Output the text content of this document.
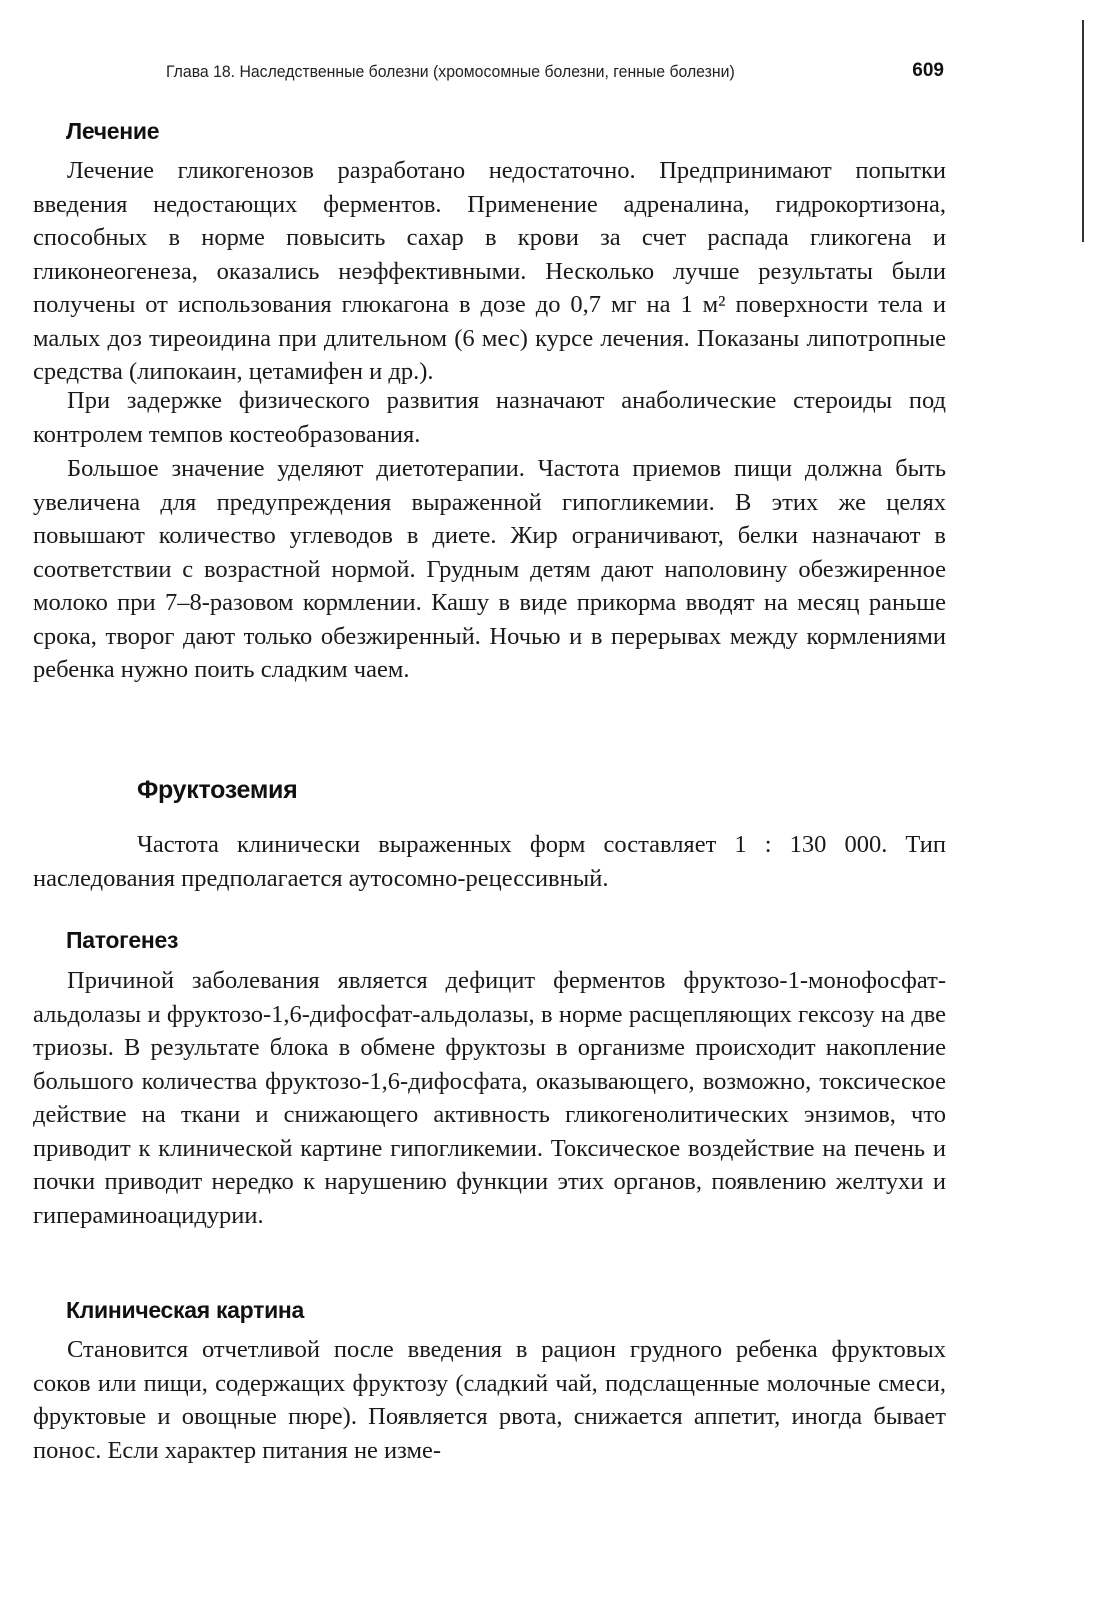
Глава 18. Наследственные болезни (хромосомные болезни, генные болезни)	609
Лечение

Лечение гликогенозов разработано недостаточно. Предпринимают попытки введения недостающих ферментов. Применение адреналина, гидрокортизона, способных в норме повысить сахар в крови за счет распада гликогена и гликонеогенеза, оказались неэффективными. Несколько лучше результаты были получены от использования глюкагона в дозе до 0,7 мг на 1 м² поверхности тела и малых доз тиреоидина при длительном (6 мес) курсе лечения. Показаны липотропные средства (липокаин, цетамифен и др.).

При задержке физического развития назначают анаболические стероиды под контролем темпов костеобразования.

Большое значение уделяют диетотерапии. Частота приемов пищи должна быть увеличена для предупреждения выраженной гипогликемии. В этих же целях повышают количество углеводов в диете. Жир ограничивают, белки назначают в соответствии с возрастной нормой. Грудным детям дают наполовину обезжиренное молоко при 7–8-разовом кормлении. Кашу в виде прикорма вводят на месяц раньше срока, творог дают только обезжиренный. Ночью и в перерывах между кормлениями ребенка нужно поить сладким чаем.

Фруктоземия

Частота клинически выраженных форм составляет 1 : 130 000. Тип наследования предполагается аутосомно-рецессивный.

Патогенез

Причиной заболевания является дефицит ферментов фруктозо-1-монофосфат-альдолазы и фруктозо-1,6-дифосфат-альдолазы, в норме расщепляющих гексозу на две триозы. В результате блока в обмене фруктозы в организме происходит накопление большого количества фруктозо-1,6-дифосфата, оказывающего, возможно, токсическое действие на ткани и снижающего активность гликогенолитических энзимов, что приводит к клинической картине гипогликемии. Токсическое воздействие на печень и почки приводит нередко к нарушению функции этих органов, появлению желтухи и гипераминоацидурии.

Клиническая картина

Становится отчетливой после введения в рацион грудного ребенка фруктовых соков или пищи, содержащих фруктозу (сладкий чай, подслащенные молочные смеси, фруктовые и овощные пюре). Появляется рвота, снижается аппетит, иногда бывает понос. Если характер питания не изме-
